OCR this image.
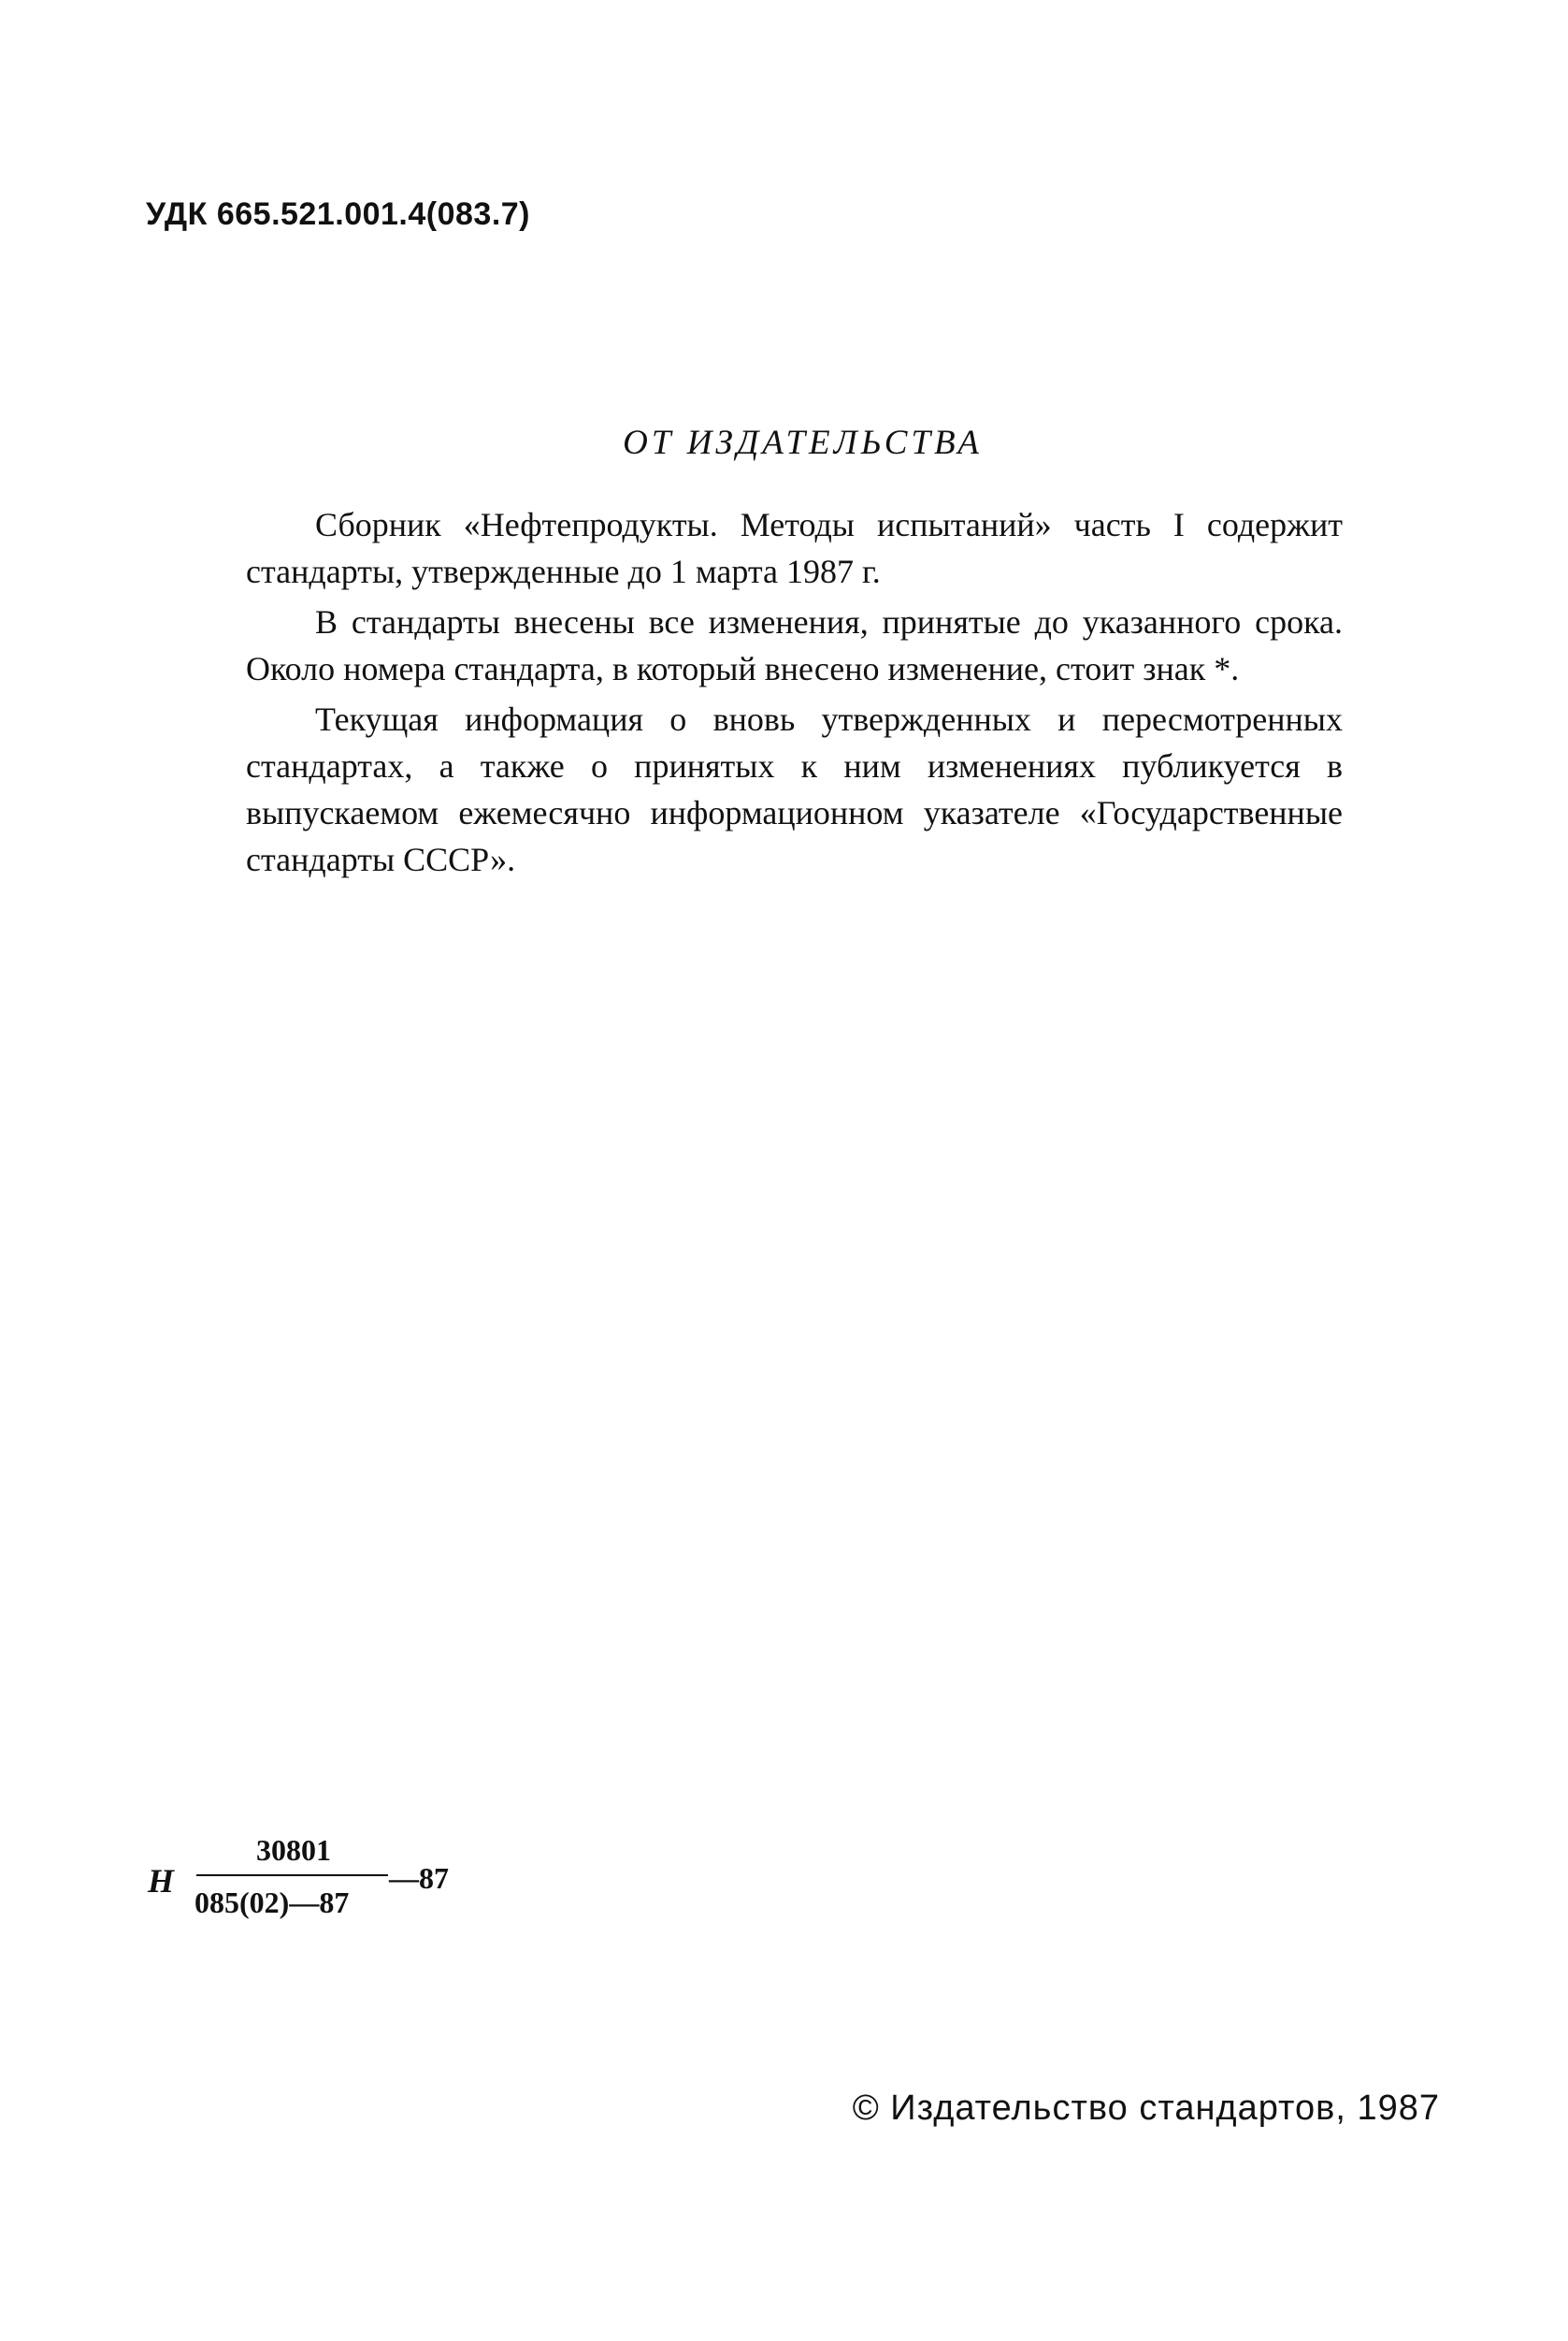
УДК 665.521.001.4(083.7)
ОТ ИЗДАТЕЛЬСТВА

Сборник «Нефтепродукты. Методы испытаний» часть I содержит стандарты, утвержденные до 1 марта 1987 г.

В стандарты внесены все изменения, принятые до указанного срока. Около номера стандарта, в который внесено изменение, стоит знак *.

Текущая информация о вновь утвержденных и пересмотренных стандартах, а также о принятых к ним изменениях публикуется в выпускаемом ежемесячно информационном указателе «Государственные стандарты СССР».

Н
30801
085(02)—87
—87
© Издательство стандартов, 1987
